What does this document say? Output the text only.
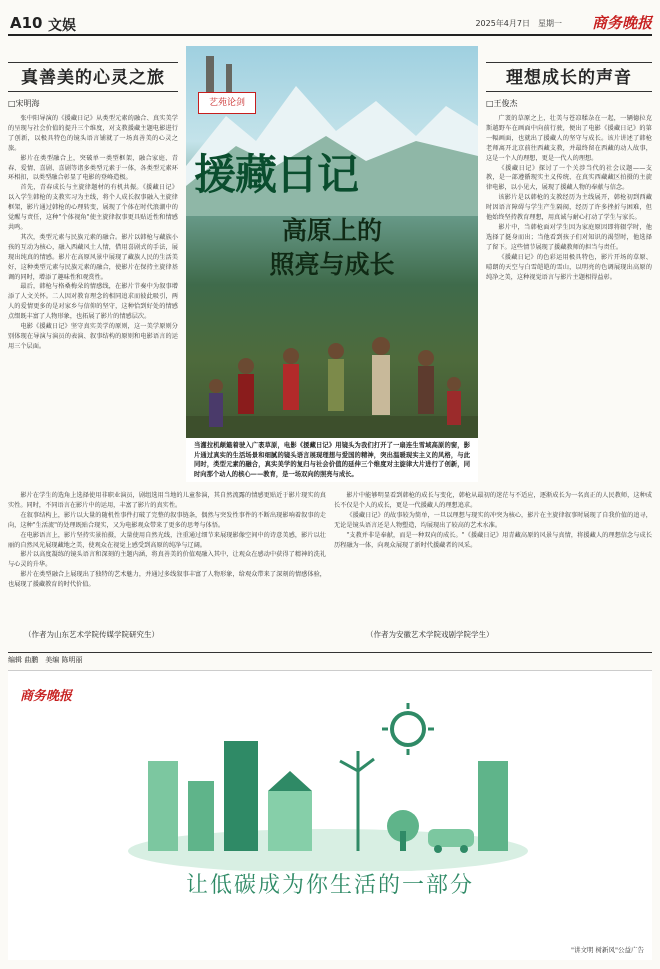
A10 文娱	2025年4月7日　星期一 商务晚报
真善美的心灵之旅
□宋明海

张中阳导演的《援藏日记》从类型元素的融合、真实美学的呈现与社会价值的提升三个维度，对支教援藏主题电影进行了创新，以极具特色的镜头语言铺就了一场真善美的心灵之旅。

影片在类型融合上，突破单一类型框架，融合家庭、青春、爱情、喜剧、喜剧等诸多类型元素于一体，各类型元素环环相扣，以类型融合彰显了电影的登峰造极。

首先，青春成长与主旋律题材的有机共振。《援藏日记》以入学生韩枪的支教实习为主线，将个人成长叙事融入主旋律框架，影片通过韩枪的心理转变，展现了个体在时代浪潮中的觉醒与责任，这种"个体视角"使主旋律叙事更具贴近性和情感共鸣。

其次，类型元素与民族元素的融合。影片以韩枪与藏族小孩的互动为核心，融入西藏风土人情，借用喜剧式的手法，展现出纯真的情感。影片在高原风景中展现了藏族人民的生活美好，这种类型元素与民族元素的融合，使影片在保持主旋律基调的同时，增添了趣味性和观赏性。

最后，韩枪与格桑梅朵的情感线，在影片节奏中为叙事增添了人文关怀。二人因对教育理念的相同追求而彼此吸引，两人的爱情更多的是对家乡与信仰的坚守，这种恰到好处的情感点缀既丰富了人物形象，也拓展了影片的情感层次。

电影《援藏日记》坚守真实美学的原则，这一美学原则分别体现在导演与演员的表演、叙事结构的原则和电影语言的运用三个层面。

理想成长的声音
□王俊杰

广袤的草原之上，壮美与苍凉糅杂在一起，一辆德拉克斯越野车在画面中向前行驶，便出了电影《援藏日记》的第一幅画面，也就出了援藏人的坚守与成长。该片讲述了韩枪老师离开北京前往西藏支教，并最终留在西藏的动人故事，这是一个人的理想，更是一代人的理想。

《援藏日记》探讨了一个关涉当代的社会议题——支教，是一部遵循现实主义传统、在真实西藏藏区拍摄的主旋律电影，以小见大，展现了援藏人物的奉献与信念。

该影片是以韩枪的支教经历为主线展开，韩枪初到西藏时因语言障碍与学生产生隔阂，经历了许多挫折与困难，但他始终坚持教育理想，用真诚与耐心打动了学生与家长。

影片中，当韩枪面对学生因为家庭原因即将辍学时，他选择了挺身而出；当他看到孩子们对知识的渴望时，他选择了留下。这些情节展现了援藏教师的担当与责任。

《援藏日记》的色彩运用极具特色，影片开场的草原、晴朗的天空与白雪皑皑的雪山，以明亮的色调展现出高原的纯净之美，这种视觉语言与影片主题相得益彰。

艺苑论剑
援藏日记
高原上的
照亮与成长

当灌拉机颠簸着驶入广袤草原，电影《援藏日记》用镜头为我们打开了一扇连生雪域高原的窗，影片通过真实的生活场景和细腻的镜头语言展现理想与爱国的精神，突出温暖现实主义的风格，与此同时，类型元素的融合，真实美学的复归与社会价值的延伸三个维度对主旋律大片进行了创新，同时向那个动人的核心——教育，是一场双向的照亮与成长。

影片在学生的选角上选择使用非职业演员，剧组选用当地的儿童参演，其自然流露的情感更贴近于影片现实的真实性。同时，不同语言在影片中的运用，丰富了影片的真实性。

在叙事结构上，影片以大量的随机性事件打破了完整的叙事链条，偶然与突发性事件的不断出现影响着叙事的走向，这种"生活流"的处理既贴合现实，又为电影观众带来了更多的思考与体悟。

在电影语言上，影片坚持实景拍摄，大量使用自然光线，注重通过细节来展现影像空间中的诗意美感，影片以壮丽的自然风光展现藏地之美，使观众在视觉上感受到高原的纯净与辽阔。

影片以高度凝练的镜头语言和深刻的主题内涵，将真善美的价值观融入其中，让观众在感动中获得了精神的洗礼与心灵的升华。

影片在类型融合上展现出了独特的艺术魅力，并通过多线叙事丰富了人物形象，给观众带来了深刻的情感体验，也展现了援藏教育的时代价值。

（作者为山东艺术学院传媒学院研究生）

影片中能够明显看到韩枪的成长与变化，韩枪从最初的迷茫与不适应，逐渐成长为一名真正的人民教师，这种成长不仅是个人的成长，更是一代援藏人的理想追求。

《援藏日记》的故事较为简单，一旦以理想与现实的冲突为核心，影片在主旋律叙事时展现了自我价值的追寻，无论是镜头语言还是人物塑造，均展现出了较高的艺术水准。

"支教并非是奉献，而是一种双向的成长。"《援藏日记》用青藏高原的风景与真情，将援藏人的理想信念与成长历程融为一体，向观众展现了新时代援藏者的风采。

（作者为安徽艺术学院戏剧学院学生）
编辑 曲鹏　美编 陈明丽
商务晚报
让低碳成为你生活的一部分
"讲文明 树新风"公益广告
